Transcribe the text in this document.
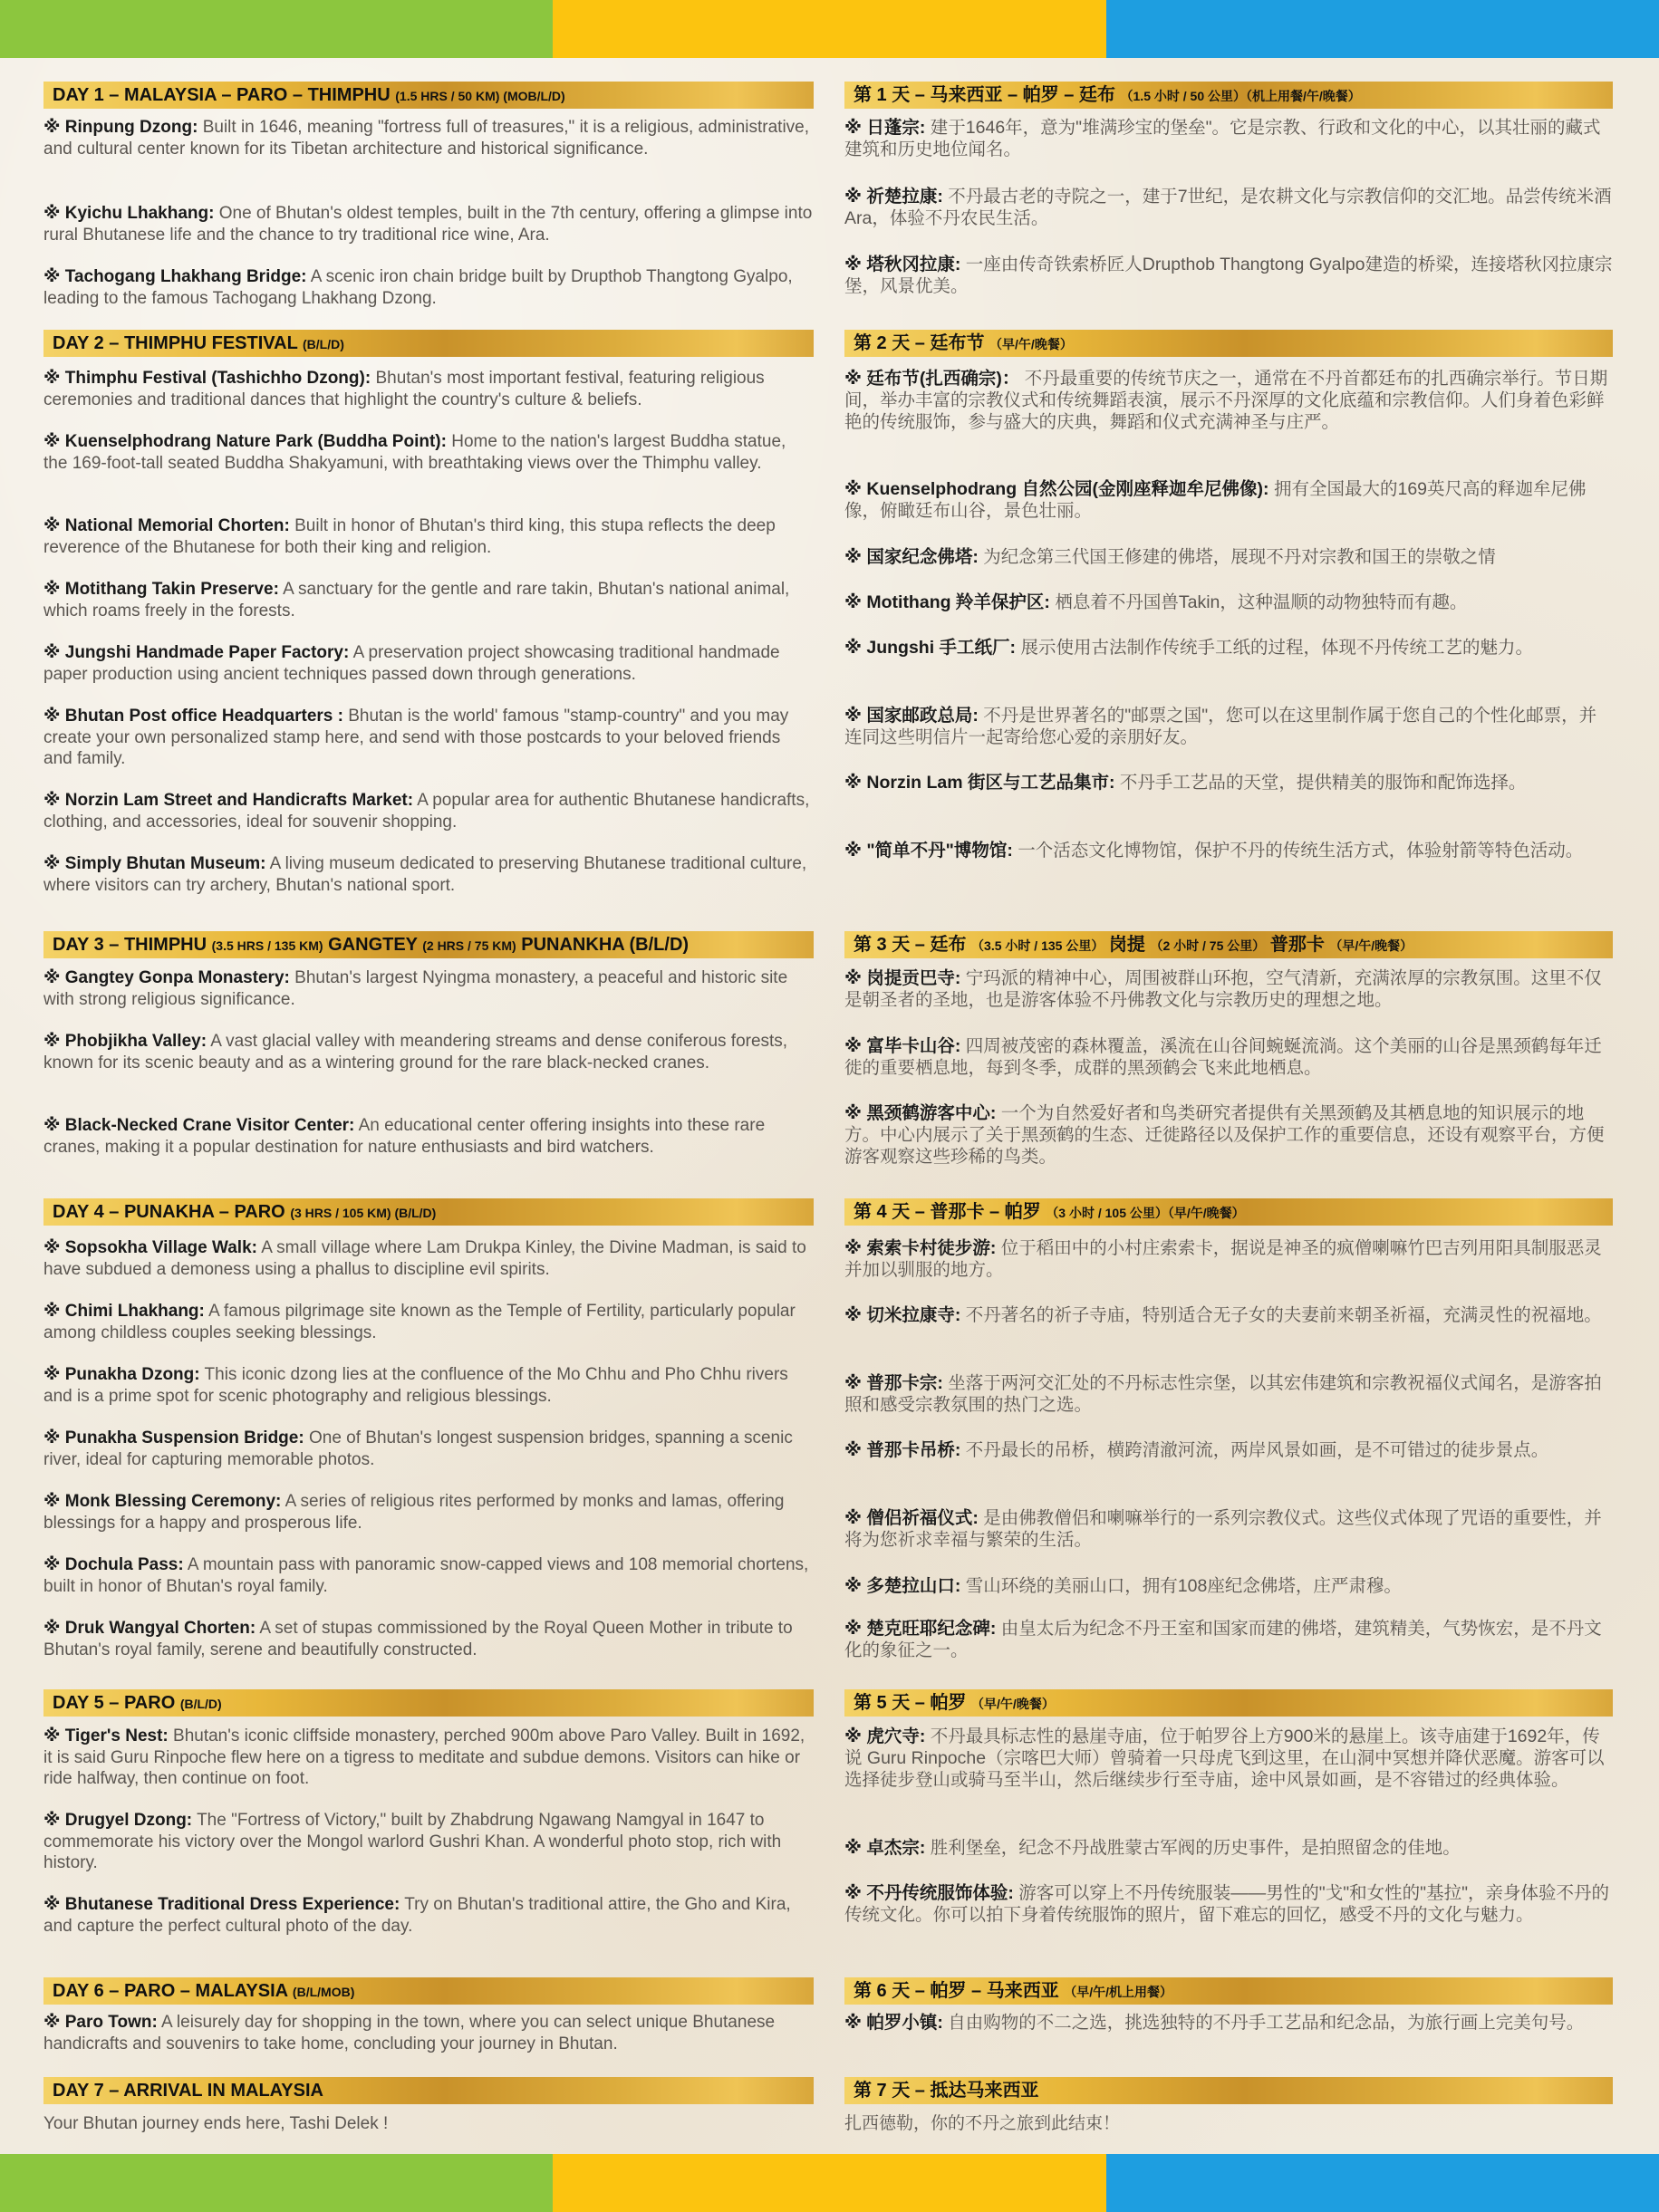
DAY 1 – MALAYSIA – PARO – THIMPHU (1.5 HRS / 50 KM) (MOB/L/D)
※ Rinpung Dzong: Built in 1646, meaning "fortress full of treasures," it is a religious, administrative, and cultural center known for its Tibetan architecture and historical significance.
※ Kyichu Lhakhang: One of Bhutan's oldest temples, built in the 7th century, offering a glimpse into rural Bhutanese life and the chance to try traditional rice wine, Ara.
※ Tachogang Lhakhang Bridge: A scenic iron chain bridge built by Drupthob Thangtong Gyalpo, leading to the famous Tachogang Lhakhang Dzong.
DAY 2 – THIMPHU FESTIVAL (B/L/D)
※ Thimphu Festival (Tashichho Dzong): Bhutan's most important festival, featuring religious ceremonies and traditional dances that highlight the country's culture & beliefs.
※ Kuenselphodrang Nature Park (Buddha Point): Home to the nation's largest Buddha statue, the 169-foot-tall seated Buddha Shakyamuni, with breathtaking views over the Thimphu valley.
※ National Memorial Chorten: Built in honor of Bhutan's third king, this stupa reflects the deep reverence of the Bhutanese for both their king and religion.
※ Motithang Takin Preserve: A sanctuary for the gentle and rare takin, Bhutan's national animal, which roams freely in the forests.
※ Jungshi Handmade Paper Factory: A preservation project showcasing traditional handmade paper production using ancient techniques passed down through generations.
※ Bhutan Post office Headquarters : Bhutan is the world' famous "stamp-country" and you may create your own personalized stamp here, and send with those postcards to your beloved friends and family.
※ Norzin Lam Street and Handicrafts Market: A popular area for authentic Bhutanese handicrafts, clothing, and accessories, ideal for souvenir shopping.
※ Simply Bhutan Museum: A living museum dedicated to preserving Bhutanese traditional culture, where visitors can try archery, Bhutan's national sport.
DAY 3 – THIMPHU (3.5 HRS / 135 KM) GANGTEY (2 HRS / 75 KM) PUNANKHA (B/L/D)
※ Gangtey Gonpa Monastery: Bhutan's largest Nyingma monastery, a peaceful and historic site with strong religious significance.
※ Phobjikha Valley: A vast glacial valley with meandering streams and dense coniferous forests, known for its scenic beauty and as a wintering ground for the rare black-necked cranes.
※ Black-Necked Crane Visitor Center: An educational center offering insights into these rare cranes, making it a popular destination for nature enthusiasts and bird watchers.
DAY 4 – PUNAKHA – PARO (3 HRS / 105 KM) (B/L/D)
※ Sopsokha Village Walk: A small village where Lam Drukpa Kinley, the Divine Madman, is said to have subdued a demoness using a phallus to discipline evil spirits.
※ Chimi Lhakhang: A famous pilgrimage site known as the Temple of Fertility, particularly popular among childless couples seeking blessings.
※ Punakha Dzong: This iconic dzong lies at the confluence of the Mo Chhu and Pho Chhu rivers and is a prime spot for scenic photography and religious blessings.
※ Punakha Suspension Bridge: One of Bhutan's longest suspension bridges, spanning a scenic river, ideal for capturing memorable photos.
※ Monk Blessing Ceremony: A series of religious rites performed by monks and lamas, offering blessings for a happy and prosperous life.
※ Dochula Pass: A mountain pass with panoramic snow-capped views and 108 memorial chortens, built in honor of Bhutan's royal family.
※ Druk Wangyal Chorten: A set of stupas commissioned by the Royal Queen Mother in tribute to Bhutan's royal family, serene and beautifully constructed.
DAY 5 – PARO (B/L/D)
※ Tiger's Nest: Bhutan's iconic cliffside monastery, perched 900m above Paro Valley. Built in 1692, it is said Guru Rinpoche flew here on a tigress to meditate and subdue demons. Visitors can hike or ride halfway, then continue on foot.
※ Drugyel Dzong: The "Fortress of Victory," built by Zhabdrung Ngawang Namgyal in 1647 to commemorate his victory over the Mongol warlord Gushri Khan. A wonderful photo stop, rich with history.
※ Bhutanese Traditional Dress Experience: Try on Bhutan's traditional attire, the Gho and Kira, and capture the perfect cultural photo of the day.
DAY 6 – PARO – MALAYSIA (B/L/MOB)
※ Paro Town: A leisurely day for shopping in the town, where you can select unique Bhutanese handicrafts and souvenirs to take home, concluding your journey in Bhutan.
DAY 7 – ARRIVAL IN MALAYSIA
Your Bhutan journey ends here, Tashi Delek !
第 1 天 – 马来西亚 – 帕罗 – 廷布 （1.5 小时 / 50 公里）（机上用餐/午/晚餐）
※ 日蓬宗: 建于1646年，意为"堆满珍宝的堡垒"。它是宗教、行政和文化的中心，以其壮丽的藏式建筑和历史地位闻名。
※ 祈楚拉康: 不丹最古老的寺院之一，建于7世纪，是农耕文化与宗教信仰的交汇地。品尝传统米酒Ara，体验不丹农民生活。
※ 塔秋冈拉康: 一座由传奇铁索桥匠人Drupthob Thangtong Gyalpo建造的桥梁，连接塔秋冈拉康宗堡，风景优美。
第 2 天 – 廷布节 （早/午/晚餐）
※ 廷布节(扎西确宗)： 不丹最重要的传统节庆之一，通常在不丹首都廷布的扎西确宗举行。节日期间，举办丰富的宗教仪式和传统舞蹈表演，展示不丹深厚的文化底蕴和宗教信仰。人们身着色彩鲜艳的传统服饰，参与盛大的庆典，舞蹈和仪式充满神圣与庄严。
※ Kuenselphodrang 自然公园(金刚座释迦牟尼佛像): 拥有全国最大的169英尺高的释迦牟尼佛像，俯瞰廷布山谷，景色壮丽。
※ 国家纪念佛塔: 为纪念第三代国王修建的佛塔，展现不丹对宗教和国王的崇敬之情
※ Motithang 羚羊保护区: 栖息着不丹国兽Takin，这种温顺的动物独特而有趣。
※ Jungshi 手工纸厂: 展示使用古法制作传统手工纸的过程，体现不丹传统工艺的魅力。
※ 国家邮政总局: 不丹是世界著名的"邮票之国"，您可以在这里制作属于您自己的个性化邮票，并连同这些明信片一起寄给您心爱的亲朋好友。
※ Norzin Lam 街区与工艺品集市: 不丹手工艺品的天堂，提供精美的服饰和配饰选择。
※ "简单不丹"博物馆: 一个活态文化博物馆，保护不丹的传统生活方式，体验射箭等特色活动。
第 3 天 – 廷布 （3.5 小时 / 135 公里） 岗提 （2 小时 / 75 公里） 普那卡 （早/午/晚餐）
※ 岗提贡巴寺: 宁玛派的精神中心，周围被群山环抱，空气清新，充满浓厚的宗教氛围。这里不仅是朝圣者的圣地，也是游客体验不丹佛教文化与宗教历史的理想之地。
※ 富毕卡山谷: 四周被茂密的森林覆盖，溪流在山谷间蜿蜒流淌。这个美丽的山谷是黑颈鹤每年迁徙的重要栖息地，每到冬季，成群的黑颈鹤会飞来此地栖息。
※ 黑颈鹤游客中心: 一个为自然爱好者和鸟类研究者提供有关黑颈鹤及其栖息地的知识展示的地方。中心内展示了关于黑颈鹤的生态、迁徙路径以及保护工作的重要信息，还设有观察平台，方便游客观察这些珍稀的鸟类。
第 4 天 – 普那卡 – 帕罗 （3 小时 / 105 公里）（早/午/晚餐）
※ 索索卡村徒步游: 位于稻田中的小村庄索索卡，据说是神圣的疯僧喇嘛竹巴吉列用阳具制服恶灵并加以驯服的地方。
※ 切米拉康寺: 不丹著名的祈子寺庙，特别适合无子女的夫妻前来朝圣祈福，充满灵性的祝福地。
※ 普那卡宗: 坐落于两河交汇处的不丹标志性宗堡，以其宏伟建筑和宗教祝福仪式闻名，是游客拍照和感受宗教氛围的热门之选。
※ 普那卡吊桥: 不丹最长的吊桥，横跨清澈河流，两岸风景如画，是不可错过的徒步景点。
※ 僧侣祈福仪式: 是由佛教僧侣和喇嘛举行的一系列宗教仪式。这些仪式体现了咒语的重要性，并将为您祈求幸福与繁荣的生活。
※ 多楚拉山口: 雪山环绕的美丽山口，拥有108座纪念佛塔，庄严肃穆。
※ 楚克旺耶纪念碑: 由皇太后为纪念不丹王室和国家而建的佛塔，建筑精美，气势恢宏，是不丹文化的象征之一。
第 5 天 – 帕罗 （早/午/晚餐）
※ 虎穴寺: 不丹最具标志性的悬崖寺庙，位于帕罗谷上方900米的悬崖上。该寺庙建于1692年，传说 Guru Rinpoche（宗喀巴大师）曾骑着一只母虎飞到这里，在山洞中冥想并降伏恶魔。游客可以选择徒步登山或骑马至半山，然后继续步行至寺庙，途中风景如画，是不容错过的经典体验。
※ 卓杰宗: 胜利堡垒，纪念不丹战胜蒙古军阀的历史事件，是拍照留念的佳地。
※ 不丹传统服饰体验: 游客可以穿上不丹传统服装——男性的"戈"和女性的"基拉"，亲身体验不丹的传统文化。你可以拍下身着传统服饰的照片，留下难忘的回忆，感受不丹的文化与魅力。
第 6 天 – 帕罗 – 马来西亚 （早/午/机上用餐）
※ 帕罗小镇: 自由购物的不二之选，挑选独特的不丹手工艺品和纪念品，为旅行画上完美句号。
第 7 天 – 抵达马来西亚
扎西德勒，你的不丹之旅到此结束！
